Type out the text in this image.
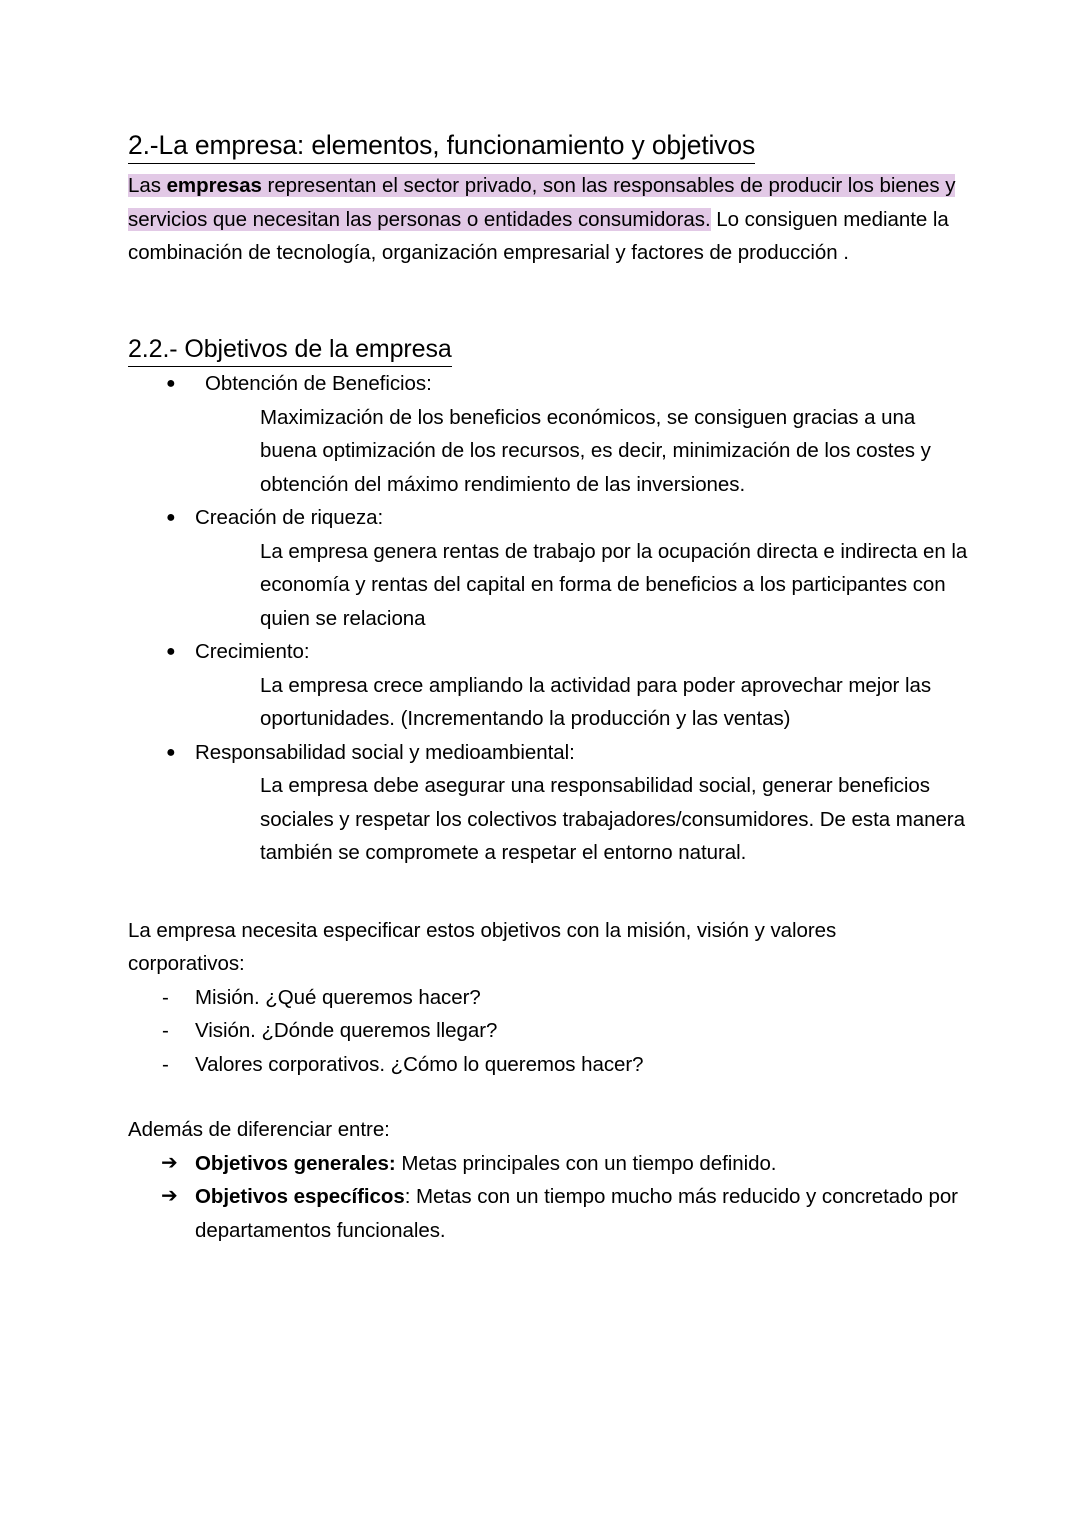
2.-La empresa: elementos, funcionamiento y objetivos

Las empresas representan el sector privado, son las responsables de producir los bienes y servicios que necesitan las personas o entidades consumidoras. Lo consiguen mediante la combinación de tecnología, organización empresarial y factores de producción .

2.2.- Objetivos de la empresa
● Obtención de Beneficios:
Maximización de los beneficios económicos, se consiguen gracias a una buena optimización de los recursos, es decir, minimización de los costes y obtención del máximo rendimiento de las inversiones.
● Creación de riqueza:
La empresa genera rentas de trabajo por la ocupación directa e indirecta en la economía y rentas del capital en forma de beneficios a los participantes con quien se relaciona
● Crecimiento:
La empresa crece ampliando la actividad para poder aprovechar mejor las oportunidades. (Incrementando la producción y las ventas)
● Responsabilidad social y medioambiental:
La empresa debe asegurar una responsabilidad social, generar beneficios sociales y respetar los colectivos trabajadores/consumidores. De esta manera también se compromete a respetar el entorno natural.

La empresa necesita especificar estos objetivos con la misión, visión y valores corporativos:

- Misión. ¿Qué queremos hacer?
- Visión. ¿Dónde queremos llegar?
- Valores corporativos. ¿Cómo lo queremos hacer?

Además de diferenciar entre:

➔ Objetivos generales: Metas principales con un tiempo definido.
➔ Objetivos específicos: Metas con un tiempo mucho más reducido y concretado por departamentos funcionales.
